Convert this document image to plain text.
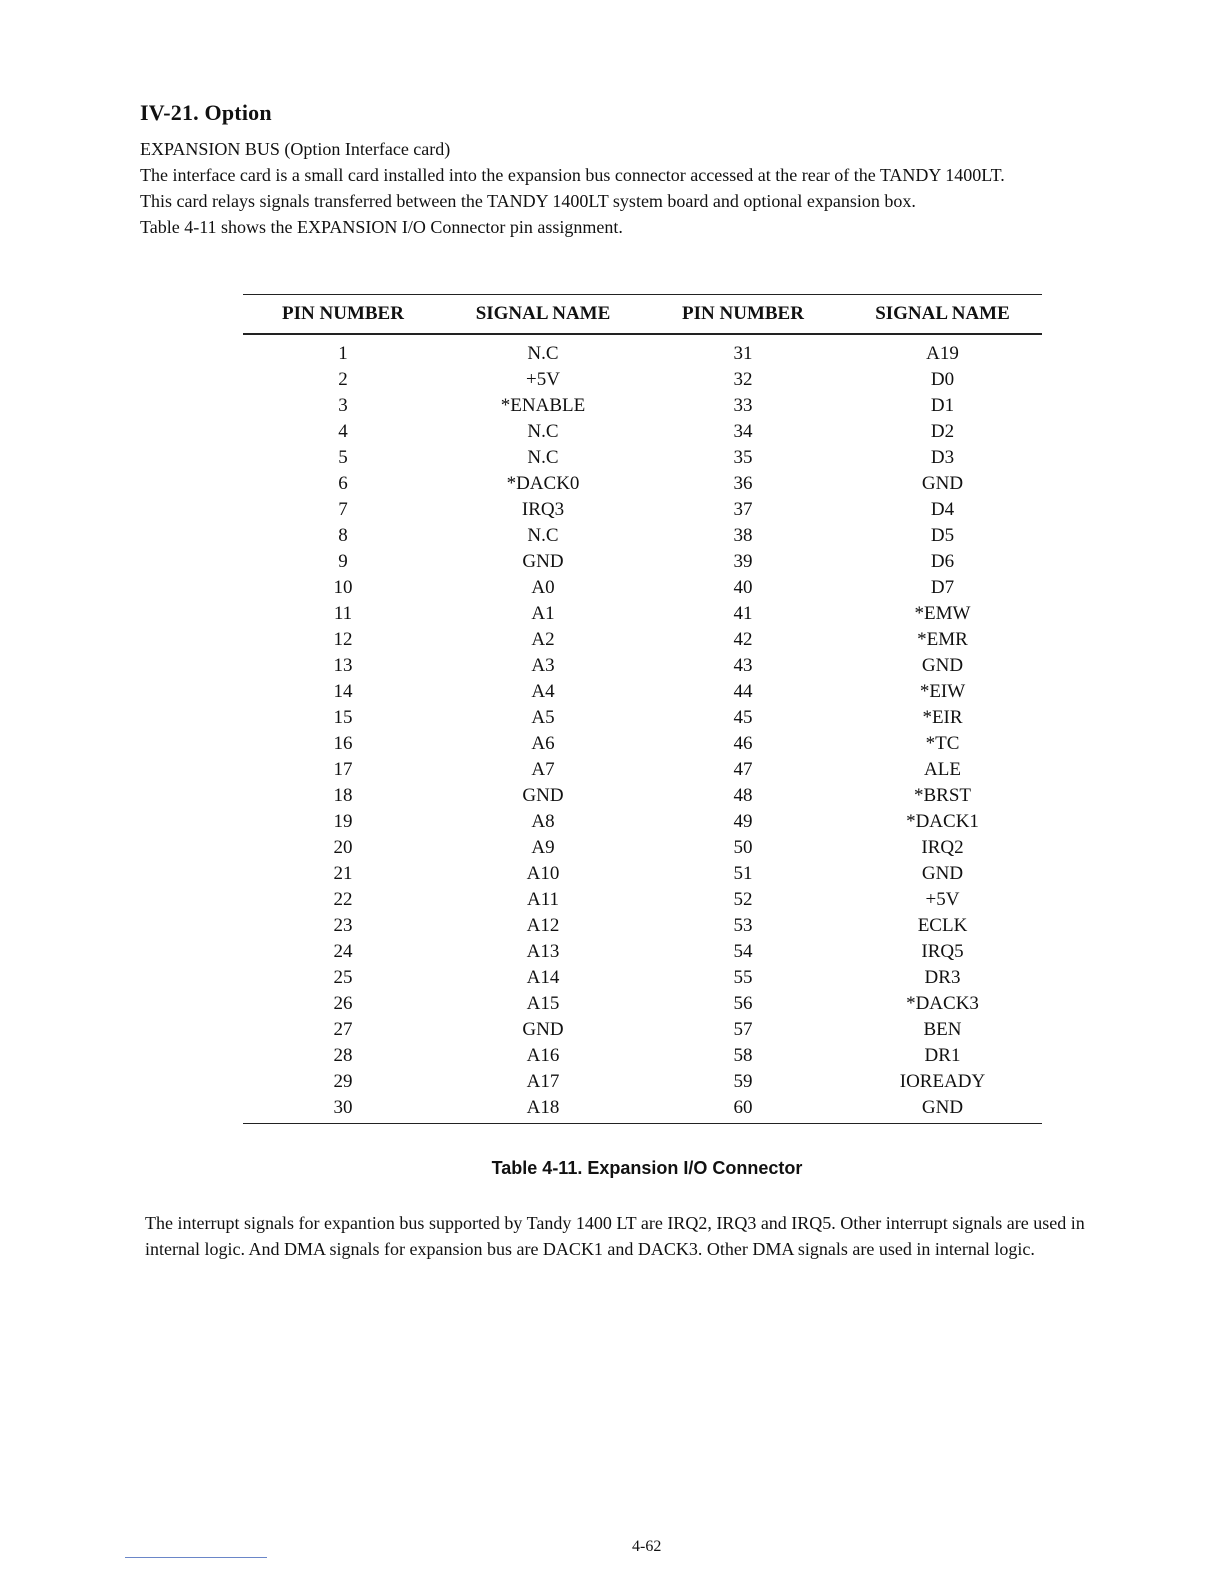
IV-21. Option

EXPANSION BUS (Option Interface card)

The interface card is a small card installed into the expansion bus connector accessed at the rear of the TANDY 1400LT.

This card relays signals transferred between the TANDY 1400LT system board and optional expansion box.

Table 4-11 shows the EXPANSION I/O Connector pin assignment.

PIN NUMBER	SIGNAL NAME	PIN NUMBER	SIGNAL NAME
1	N.C	31	A19
2	+5V	32	D0
3	*ENABLE	33	D1
4	N.C	34	D2
5	N.C	35	D3
6	*DACK0	36	GND
7	IRQ3	37	D4
8	N.C	38	D5
9	GND	39	D6
10	A0	40	D7
11	A1	41	*EMW
12	A2	42	*EMR
13	A3	43	GND
14	A4	44	*EIW
15	A5	45	*EIR
16	A6	46	*TC
17	A7	47	ALE
18	GND	48	*BRST
19	A8	49	*DACK1
20	A9	50	IRQ2
21	A10	51	GND
22	A11	52	+5V
23	A12	53	ECLK
24	A13	54	IRQ5
25	A14	55	DR3
26	A15	56	*DACK3
27	GND	57	BEN
28	A16	58	DR1
29	A17	59	IOREADY
30	A18	60	GND
Table 4-11. Expansion I/O Connector

The interrupt signals for expantion bus supported by Tandy 1400 LT are IRQ2, IRQ3 and IRQ5. Other interrupt signals are used in internal logic. And DMA signals for expansion bus are DACK1 and DACK3. Other DMA signals are used in internal logic.

4-62
